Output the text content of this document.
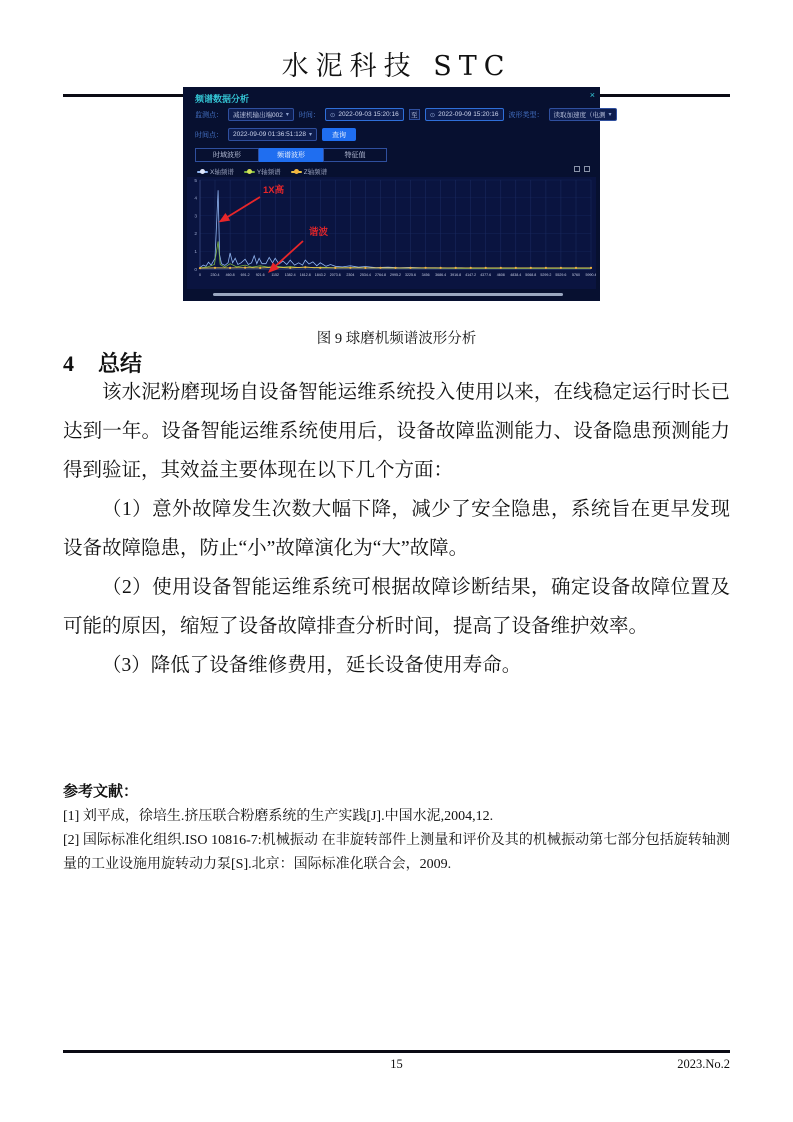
水泥科技 STC
频谱数据分析	×
监测点： 减速机输出端002 ▾ 时间： ⊙ 2022-09-03 15:20:16	至	⊙ 2022-09-09 15:20:16 波形类型： 读取加速度（电测 ▾
时间点： 2022-09-09 01:36:51:128 ▾	查询
时域波形	频谱波形	特征值
X轴频谱	Y轴频谱	Z轴频谱
0
1
2
3
4
5
0	230.4 460.8 691.2 921.6 1152 1382.4 1612.8 1843.2 2073.6 2304 2534.4 2764.8 2995.2 3225.6 3456 3686.4 3916.8 4147.2 4377.6 4608 4838.4 5068.8 5299.2 5529.6 5760 5990.4
1X高
谐波
图 9 球磨机频谱波形分析
4 总结

该水泥粉磨现场自设备智能运维系统投入使用以来，在线稳定运行时长已达到一年。设备智能运维系统使用后，设备故障监测能力、设备隐患预测能力得到验证，其效益主要体现在以下几个方面：

（1）意外故障发生次数大幅下降，减少了安全隐患，系统旨在更早发现设备故障隐患，防止“小”故障演化为“大”故障。

（2）使用设备智能运维系统可根据故障诊断结果，确定设备故障位置及可能的原因，缩短了设备故障排查分析时间，提高了设备维护效率。

（3）降低了设备维修费用，延长设备使用寿命。

参考文献：
[1] 刘平成，徐培生.挤压联合粉磨系统的生产实践[J].中国水泥,2004,12.
[2] 国际标准化组织.ISO 10816-7:机械振动 在非旋转部件上测量和评价及其的机械振动第七部分包括旋转轴测量的工业设施用旋转动力泵[S].北京：国际标准化联合会，2009.
15	2023.No.2
